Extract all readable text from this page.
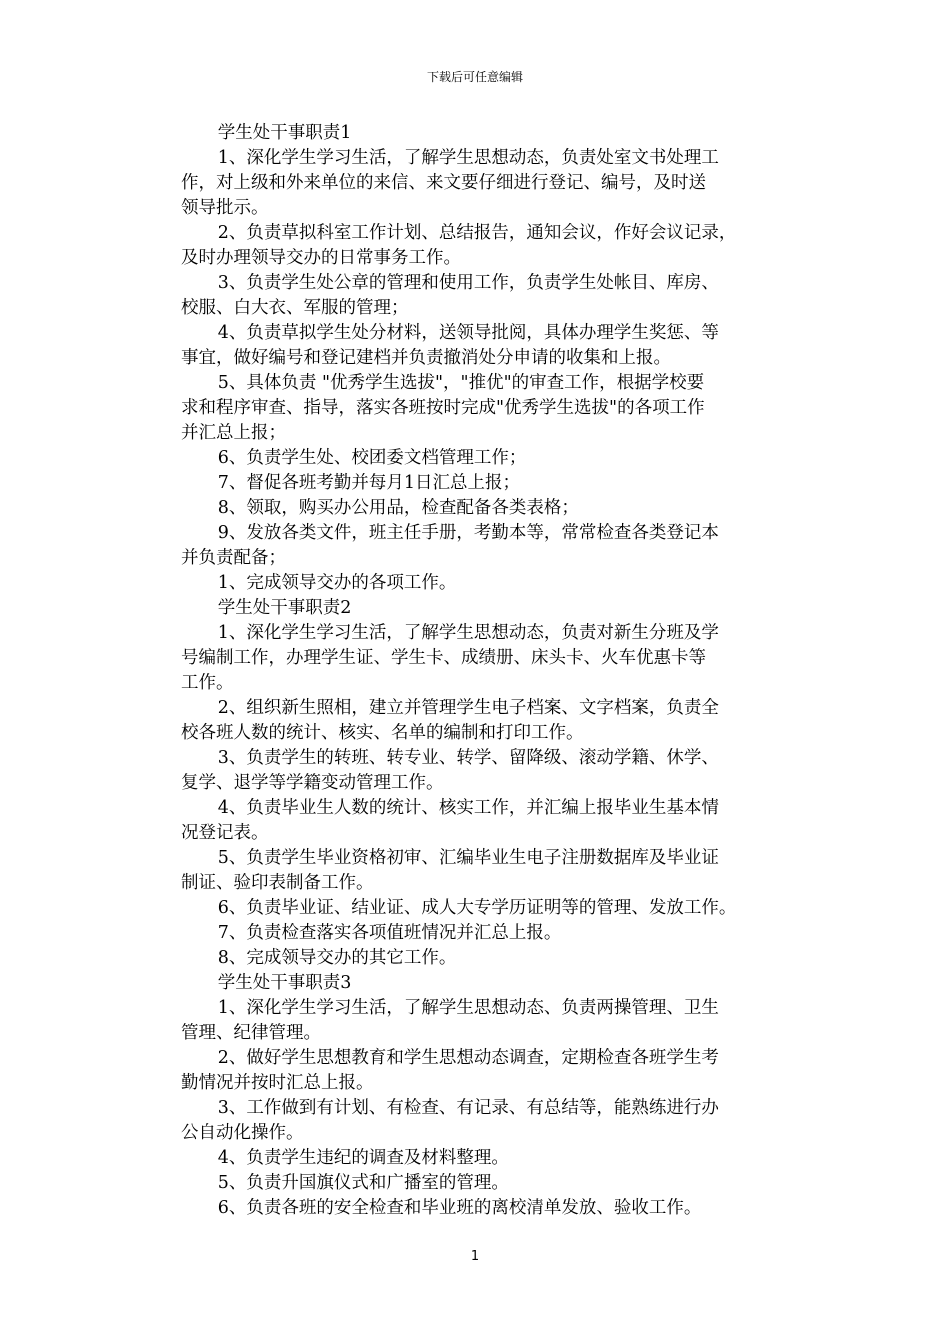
下载后可任意编辑

学生处干事职责1

1、深化学生学习生活，了解学生思想动态，负责处室文书处理工

作，对上级和外来单位的来信、来文要仔细进行登记、编号，及时送

领导批示。

2、负责草拟科室工作计划、总结报告，通知会议，作好会议记录，

及时办理领导交办的日常事务工作。

3、负责学生处公章的管理和使用工作，负责学生处帐目、库房、

校服、白大衣、军服的管理；

4、负责草拟学生处分材料，送领导批阅，具体办理学生奖惩、等

事宜，做好编号和登记建档并负责撤消处分申请的收集和上报。

5、具体负责 "优秀学生选拔"，"推优"的审查工作，根据学校要

求和程序审查、指导，落实各班按时完成"优秀学生选拔"的各项工作

并汇总上报；

6、负责学生处、校团委文档管理工作；

7、督促各班考勤并每月1日汇总上报；

8、领取，购买办公用品，检查配备各类表格；

9、发放各类文件，班主任手册，考勤本等，常常检查各类登记本

并负责配备；

1、完成领导交办的各项工作。

学生处干事职责2

1、深化学生学习生活，了解学生思想动态，负责对新生分班及学

号编制工作，办理学生证、学生卡、成绩册、床头卡、火车优惠卡等

工作。

2、组织新生照相，建立并管理学生电子档案、文字档案，负责全

校各班人数的统计、核实、名单的编制和打印工作。

3、负责学生的转班、转专业、转学、留降级、滚动学籍、休学、

复学、退学等学籍变动管理工作。

4、负责毕业生人数的统计、核实工作，并汇编上报毕业生基本情

况登记表。

5、负责学生毕业资格初审、汇编毕业生电子注册数据库及毕业证

制证、验印表制备工作。

6、负责毕业证、结业证、成人大专学历证明等的管理、发放工作。

7、负责检查落实各项值班情况并汇总上报。

8、完成领导交办的其它工作。

学生处干事职责3

1、深化学生学习生活，了解学生思想动态、负责两操管理、卫生

管理、纪律管理。

2、做好学生思想教育和学生思想动态调查，定期检查各班学生考

勤情况并按时汇总上报。

3、工作做到有计划、有检查、有记录、有总结等，能熟练进行办

公自动化操作。

4、负责学生违纪的调查及材料整理。

5、负责升国旗仪式和广播室的管理。

6、负责各班的安全检查和毕业班的离校清单发放、验收工作。

1
